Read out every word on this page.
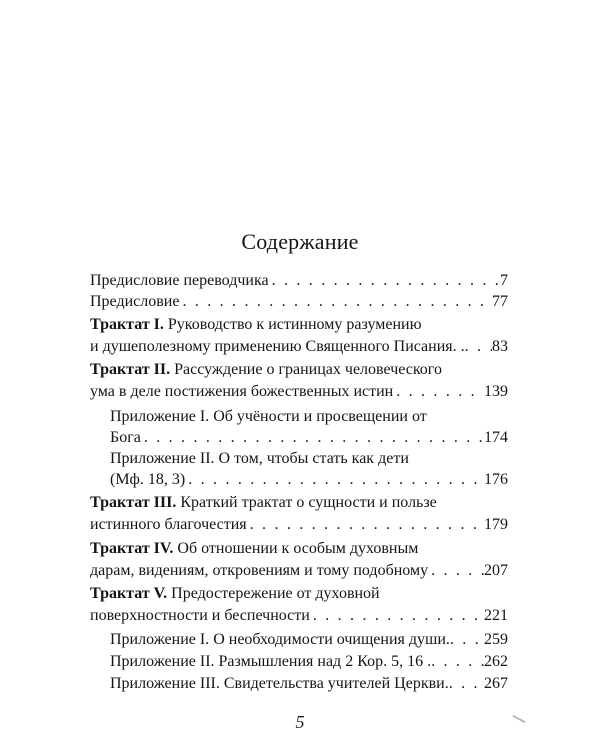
Содержание
Предисловие переводчика . . .	7
Предисловие . . .	77
Трактат I. Руководство к истинному разумению
и душеполезному применению Священного Писания. . . . . 83
Трактат II. Рассуждение о границах человеческого
ума в деле постижения божественных истин . . .	139
Приложение I. Об учёности и просвещении от
Бога . . .	174
Приложение II. О том, чтобы стать как дети
(Мф. 18, 3) . . .	176
Трактат III. Краткий трактат о сущности и пользе
истинного благочестия . . .	179
Трактат IV. Об отношении к особым духовным
дарам, видениям, откровениям и тому подобному . . .	207
Трактат V. Предостережение от духовной
поверхностности и беспечности . . .	221
Приложение I. О необходимости очищения души. . . . 259
Приложение II. Размышления над 2 Кор. 5, 16 . . . .	262
Приложение III. Свидетельства учителей Церкви. . . . 267
5
